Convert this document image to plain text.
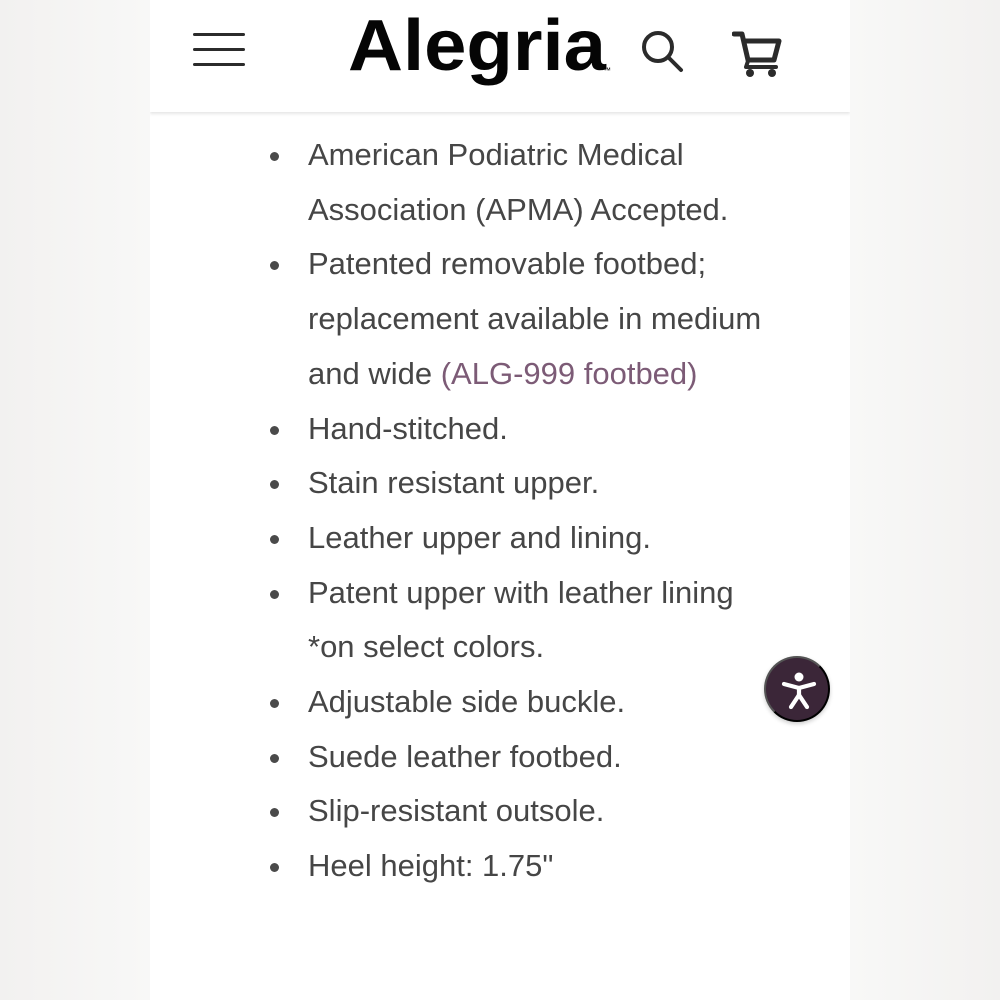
Alegria
™
American Podiatric Medical Association (APMA) Accepted.
Patented removable footbed; replacement available in medium and wide (ALG-999 footbed)
Hand-stitched.
Stain resistant upper.
Leather upper and lining.
Patent upper with leather lining *on select colors.
Adjustable side buckle.
Suede leather footbed.
Slip-resistant outsole.
Heel height: 1.75"
